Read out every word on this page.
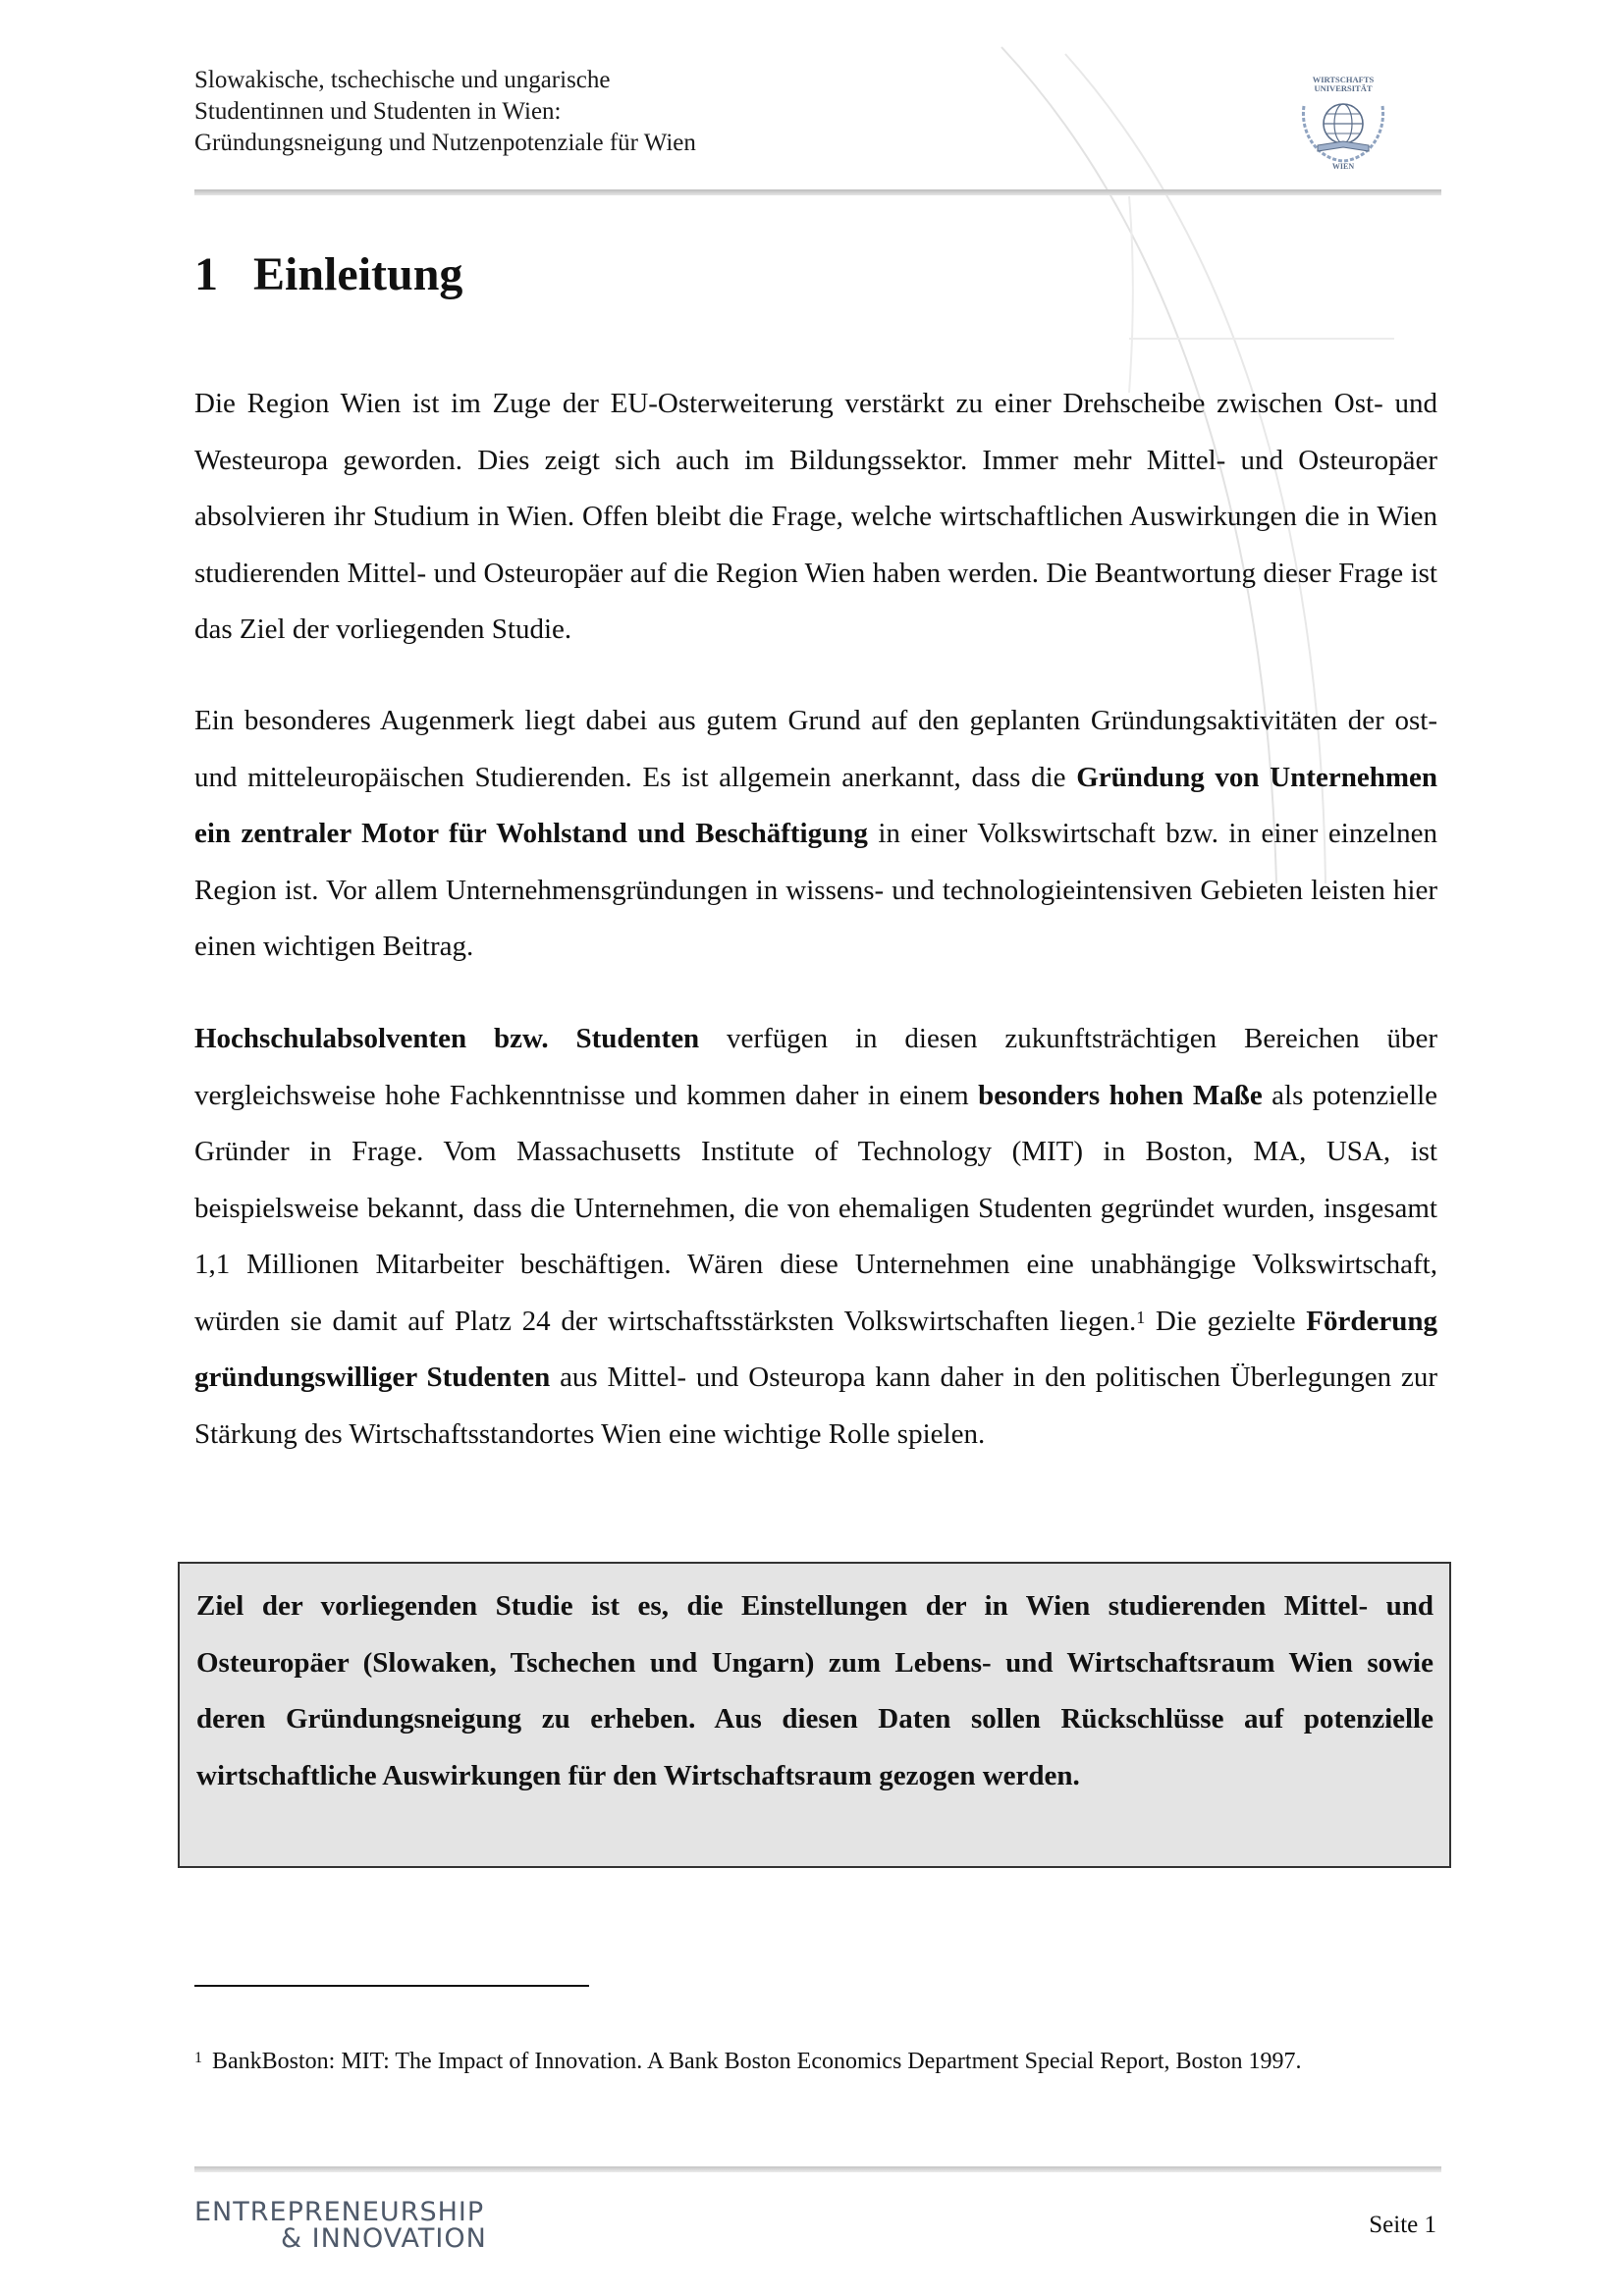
Slowakische, tschechische und ungarische
Studentinnen und Studenten in Wien:
Gründungsneigung und Nutzenpotenziale für Wien
WIRTSCHAFTS
UNIVERSITÄT
WIEN
1 Einleitung

Die Region Wien ist im Zuge der EU-Osterweiterung verstärkt zu einer Drehscheibe zwischen Ost- und Westeuropa geworden. Dies zeigt sich auch im Bildungssektor. Immer mehr Mittel- und Osteuropäer absolvieren ihr Studium in Wien. Offen bleibt die Frage, welche wirtschaftlichen Auswirkungen die in Wien studierenden Mittel- und Osteuropäer auf die Region Wien haben werden. Die Beantwortung dieser Frage ist das Ziel der vorliegenden Studie.

Ein besonderes Augenmerk liegt dabei aus gutem Grund auf den geplanten Gründungsaktivitäten der ost- und mitteleuropäischen Studierenden. Es ist allgemein anerkannt, dass die Gründung von Unternehmen ein zentraler Motor für Wohlstand und Beschäftigung in einer Volkswirtschaft bzw. in einer einzelnen Region ist. Vor allem Unternehmensgründungen in wissens- und technologieintensiven Gebieten leisten hier einen wichtigen Beitrag.

Hochschulabsolventen bzw. Studenten verfügen in diesen zukunftsträchtigen Bereichen über vergleichsweise hohe Fachkenntnisse und kommen daher in einem besonders hohen Maße als potenzielle Gründer in Frage. Vom Massachusetts Institute of Technology (MIT) in Boston, MA, USA, ist beispielsweise bekannt, dass die Unternehmen, die von ehemaligen Studenten gegründet wurden, insgesamt 1,1 Millionen Mitarbeiter beschäftigen. Wären diese Unternehmen eine unabhängige Volkswirtschaft, würden sie damit auf Platz 24 der wirtschaftsstärksten Volkswirtschaften liegen.$^1$ Die gezielte Förderung gründungswilliger Studenten aus Mittel- und Osteuropa kann daher in den politischen Überlegungen zur Stärkung des Wirtschaftsstandortes Wien eine wichtige Rolle spielen.

Ziel der vorliegenden Studie ist es, die Einstellungen der in Wien studierenden Mittel- und Osteuropäer (Slowaken, Tschechen und Ungarn) zum Lebens- und Wirtschaftsraum Wien sowie deren Gründungsneigung zu erheben. Aus diesen Daten sollen Rückschlüsse auf potenzielle wirtschaftliche Auswirkungen für den Wirtschaftsraum gezogen werden.

1 BankBoston: MIT: The Impact of Innovation. A Bank Boston Economics Department Special Report, Boston 1997.
ENTREPRENEURSHIP
& INNOVATION	Seite 1
